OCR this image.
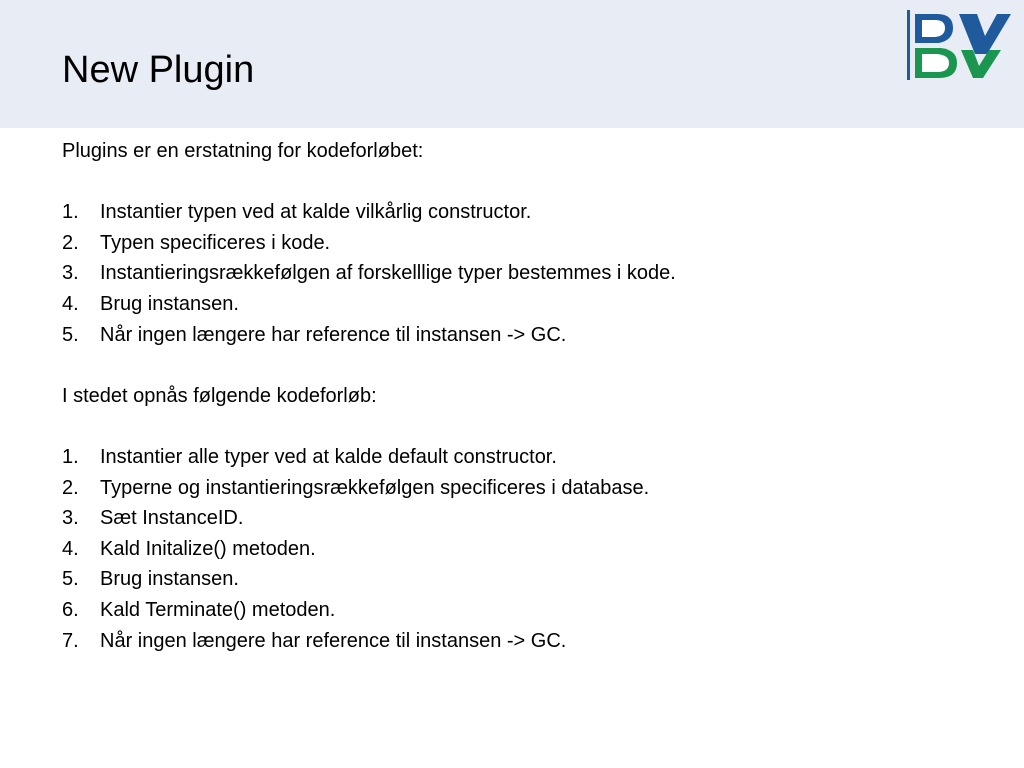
New Plugin

Plugins er en erstatning for kodeforløbet:

1.	Instantier typen ved at kalde vilkårlig constructor.
2.	Typen specificeres i kode.
3.	Instantieringsrækkefølgen af forskelllige typer bestemmes i kode.
4.	Brug instansen.
5.	Når ingen længere har reference til instansen -> GC.

I stedet opnås følgende kodeforløb:

1.	Instantier alle typer ved at kalde default constructor.
2.	Typerne og instantieringsrækkefølgen specificeres i database.
3.	Sæt InstanceID.
4.	Kald Initalize() metoden.
5.	Brug instansen.
6.	Kald Terminate() metoden.
7.	Når ingen længere har reference til instansen -> GC.
